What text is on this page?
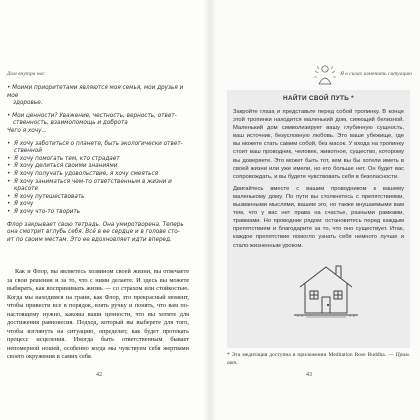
Дом внутри нас

• Моими приоритетами являются моя семья, мои друзья и мое

здоровье.

• Мои ценности? Уважение, честность, верность, ответ-

ственность, взаимопомощь и доброта

Чего я хочу...

• Я хочу заботиться о планете, быть экологически ответ-
ственной
• Я хочу помогать тем, кто страдает
• Я хочу делиться своими знаниями
• Я хочу получать удовольствие, я хочу смеяться
• Я хочу заниматься чем-то ответственным в жизни и
красоте
• Я хочу путешествовать
• Я хочу
• Я хочу что-то творить

Флор закрывает свою тетрадь. Она умиротворена. Теперь

она смотрит вглубь себя. Всё в ее сердце и в голове сто-

ит по своим местам. Это ее вдохновляет идти вперед.

Как и Флор, вы являетесь хозяином своей жизни, вы отвечаете за свои решения и за то, что с ними делаете. И здесь вы можете выбирать, как воспринимать жизнь — со страхом или стойкостью. Когда мы находимся на грани, как Флор, это прекрасный момент, чтобы привести все в порядок, взять ручку и понять, что вам по-настоящему нужно, каковы ваши ценности, что вы хотите для достижения равновесия. Подход, который вы выберете для того, чтобы взглянуть на ситуацию, определит, как будет протекать процесс исцеления. Иногда быть ответственным бывает непомерной ношей, особенно когда мы чувствуем себя жертвами своего окружения и самих себя.

42
Я в силах изменить ситуацию
НАЙТИ СВОЙ ПУТЬ *

Закройте глаза и представьте перед собой тропинку. В конце этой тропинки находится маленький дом, сияющий белизной. Маленький дом символизирует вашу глубинную сущность, ваш источник, безусловную любовь. Это ваше убежище, где вы можете стать самим собой, без масок. У входа на тропинку стоит ваш проводник, человек, животное, существо, которому вы доверяете. Это может быть тот, кем вы бы хотели иметь в своей жизни или уже имели, но его больше нет. Он будет вас сопровождать, и вы будете чувствовать себя в безопасности.

Двигайтесь вместе с вашим проводником к вашему маленькому дому. По пути вы столкнетесь с препятствиями, вызванными мыслями, вашим эго, но также внушаемыми вам тем, что у вас нет права на счастье, разными рамками, травмами. Но проводник рядом: остановитесь перед каждым препятствием и благодарите за то, что оно существует. Итак, каждое препятствие помогло узнать себя немного лучше и стало жизненным уроком.

* Эта медитация доступна в приложении Meditation Rose Buddha. — Прим. авт.
43
